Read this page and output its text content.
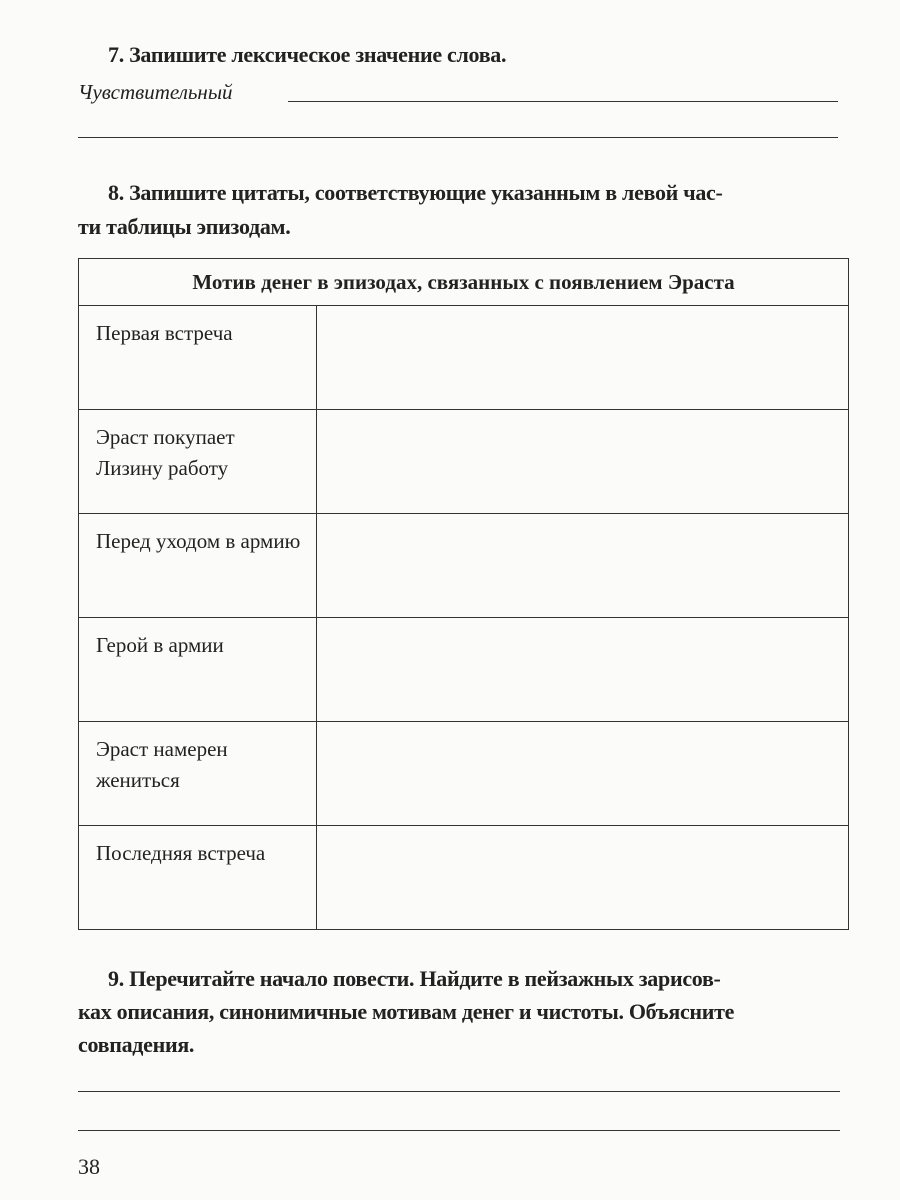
7. Запишите лексическое значение слова.
Чувствительный
8. Запишите цитаты, соответствующие указанным в левой час-
ти таблицы эпизодам.
Мотив денег в эпизодах, связанных с появлением Эраста	
Первая встреча	
Эраст покупает Лизину работу	
Перед уходом в армию	
Герой в армии	
Эраст намерен жениться	
Последняя встреча	
9. Перечитайте начало повести. Найдите в пейзажных зарисов-
ках описания, синонимичные мотивам денег и чистоты. Объясните
совпадения.
38
